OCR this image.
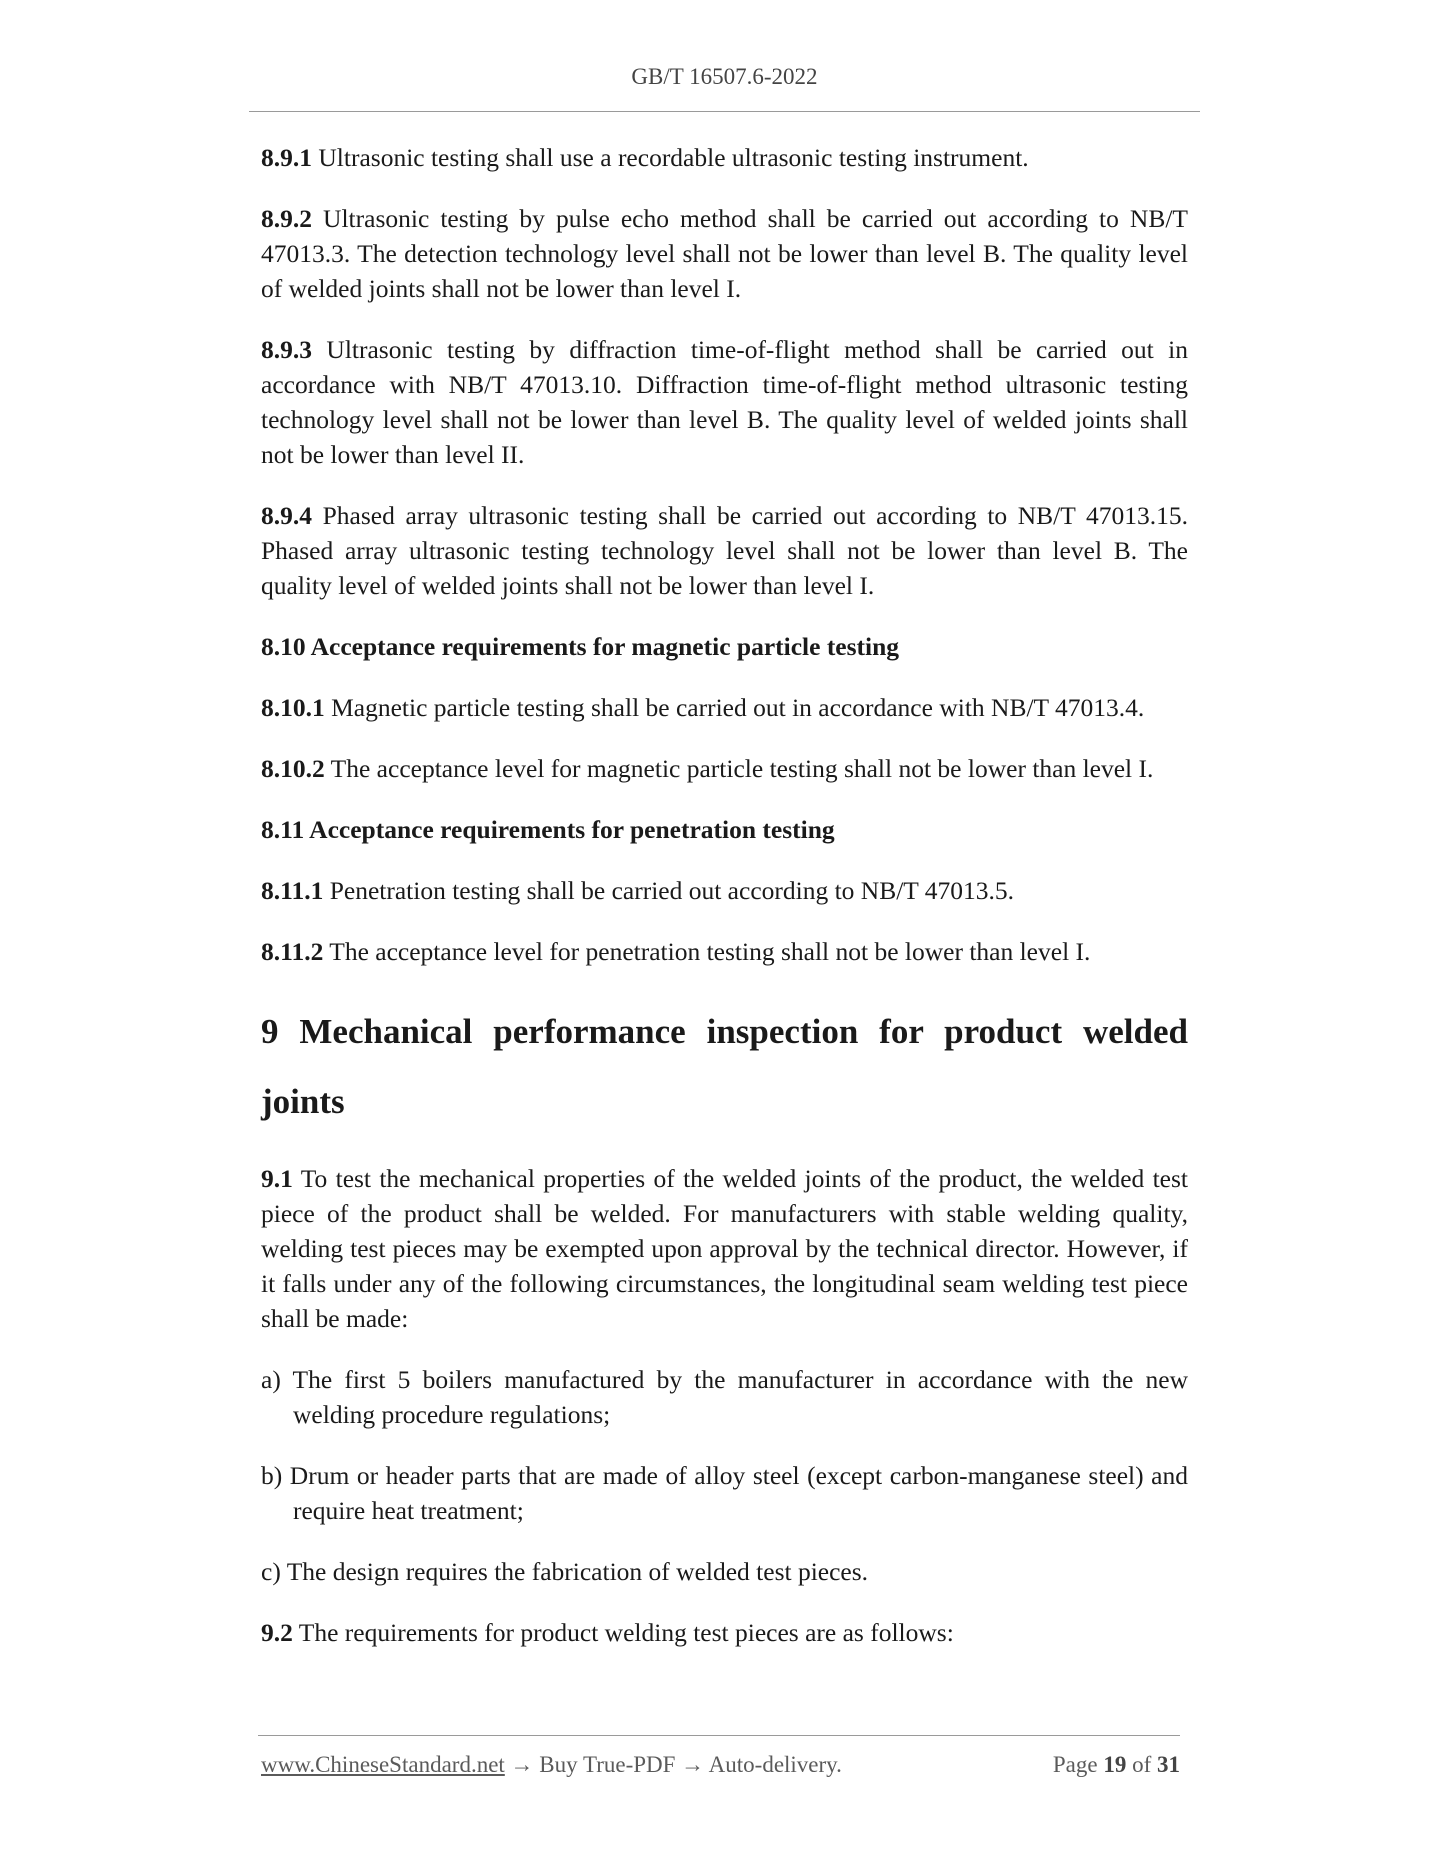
GB/T 16507.6-2022

8.9.1 Ultrasonic testing shall use a recordable ultrasonic testing instrument.

8.9.2 Ultrasonic testing by pulse echo method shall be carried out according to NB/T 47013.3. The detection technology level shall not be lower than level B. The quality level of welded joints shall not be lower than level I.

8.9.3 Ultrasonic testing by diffraction time-of-flight method shall be carried out in accordance with NB/T 47013.10. Diffraction time-of-flight method ultrasonic testing technology level shall not be lower than level B. The quality level of welded joints shall not be lower than level II.

8.9.4 Phased array ultrasonic testing shall be carried out according to NB/T 47013.15. Phased array ultrasonic testing technology level shall not be lower than level B. The quality level of welded joints shall not be lower than level I.

8.10 Acceptance requirements for magnetic particle testing

8.10.1 Magnetic particle testing shall be carried out in accordance with NB/T 47013.4.

8.10.2 The acceptance level for magnetic particle testing shall not be lower than level I.

8.11 Acceptance requirements for penetration testing

8.11.1 Penetration testing shall be carried out according to NB/T 47013.5.

8.11.2 The acceptance level for penetration testing shall not be lower than level I.

9 Mechanical performance inspection for product welded joints

9.1 To test the mechanical properties of the welded joints of the product, the welded test piece of the product shall be welded. For manufacturers with stable welding quality, welding test pieces may be exempted upon approval by the technical director. However, if it falls under any of the following circumstances, the longitudinal seam welding test piece shall be made:

a) The first 5 boilers manufactured by the manufacturer in accordance with the new welding procedure regulations;

b) Drum or header parts that are made of alloy steel (except carbon-manganese steel) and require heat treatment;

c) The design requires the fabrication of welded test pieces.

9.2 The requirements for product welding test pieces are as follows:

www.ChineseStandard.net → Buy True-PDF → Auto-delivery.	Page 19 of 31
